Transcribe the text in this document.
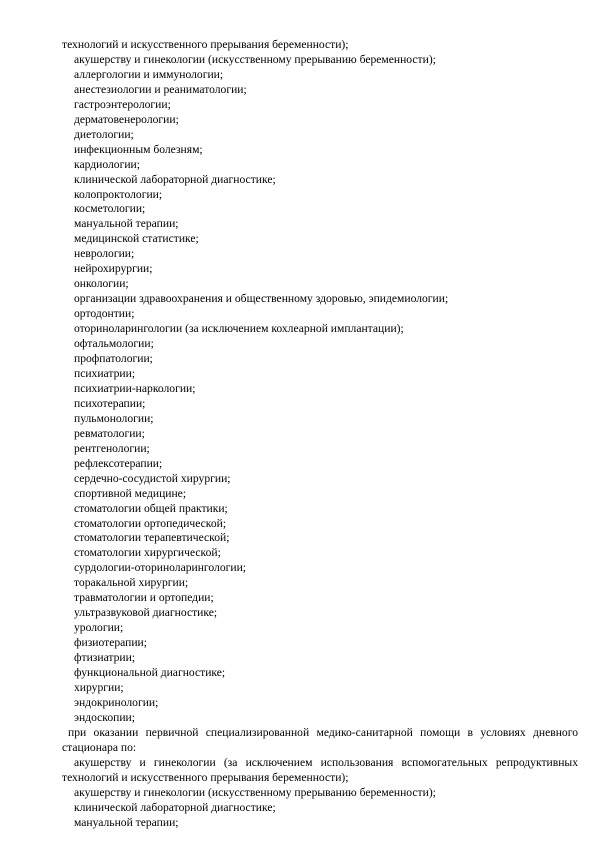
технологий и искусственного прерывания беременности);
акушерству и гинекологии (искусственному прерыванию беременности);
аллергологии и иммунологии;
анестезиологии и реаниматологии;
гастроэнтерологии;
дерматовенерологии;
диетологии;
инфекционным болезням;
кардиологии;
клинической лабораторной диагностике;
колопроктологии;
косметологии;
мануальной терапии;
медицинской статистике;
неврологии;
нейрохирургии;
онкологии;
организации здравоохранения и общественному здоровью, эпидемиологии;
ортодонтии;
оториноларингологии (за исключением кохлеарной имплантации);
офтальмологии;
профпатологии;
психиатрии;
психиатрии-наркологии;
психотерапии;
пульмонологии;
ревматологии;
рентгенологии;
рефлексотерапии;
сердечно-сосудистой хирургии;
спортивной медицине;
стоматологии общей практики;
стоматологии ортопедической;
стоматологии терапевтической;
стоматологии хирургической;
сурдологии-оториноларингологии;
торакальной хирургии;
травматологии и ортопедии;
ультразвуковой диагностике;
урологии;
физиотерапии;
фтизиатрии;
функциональной диагностике;
хирургии;
эндокринологии;
эндоскопии;
при оказании первичной специализированной медико-санитарной помощи в условиях дневного
стационара по:
акушерству и гинекологии (за исключением использования вспомогательных репродуктивных
технологий и искусственного прерывания беременности);
акушерству и гинекологии (искусственному прерыванию беременности);
клинической лабораторной диагностике;
мануальной терапии;
